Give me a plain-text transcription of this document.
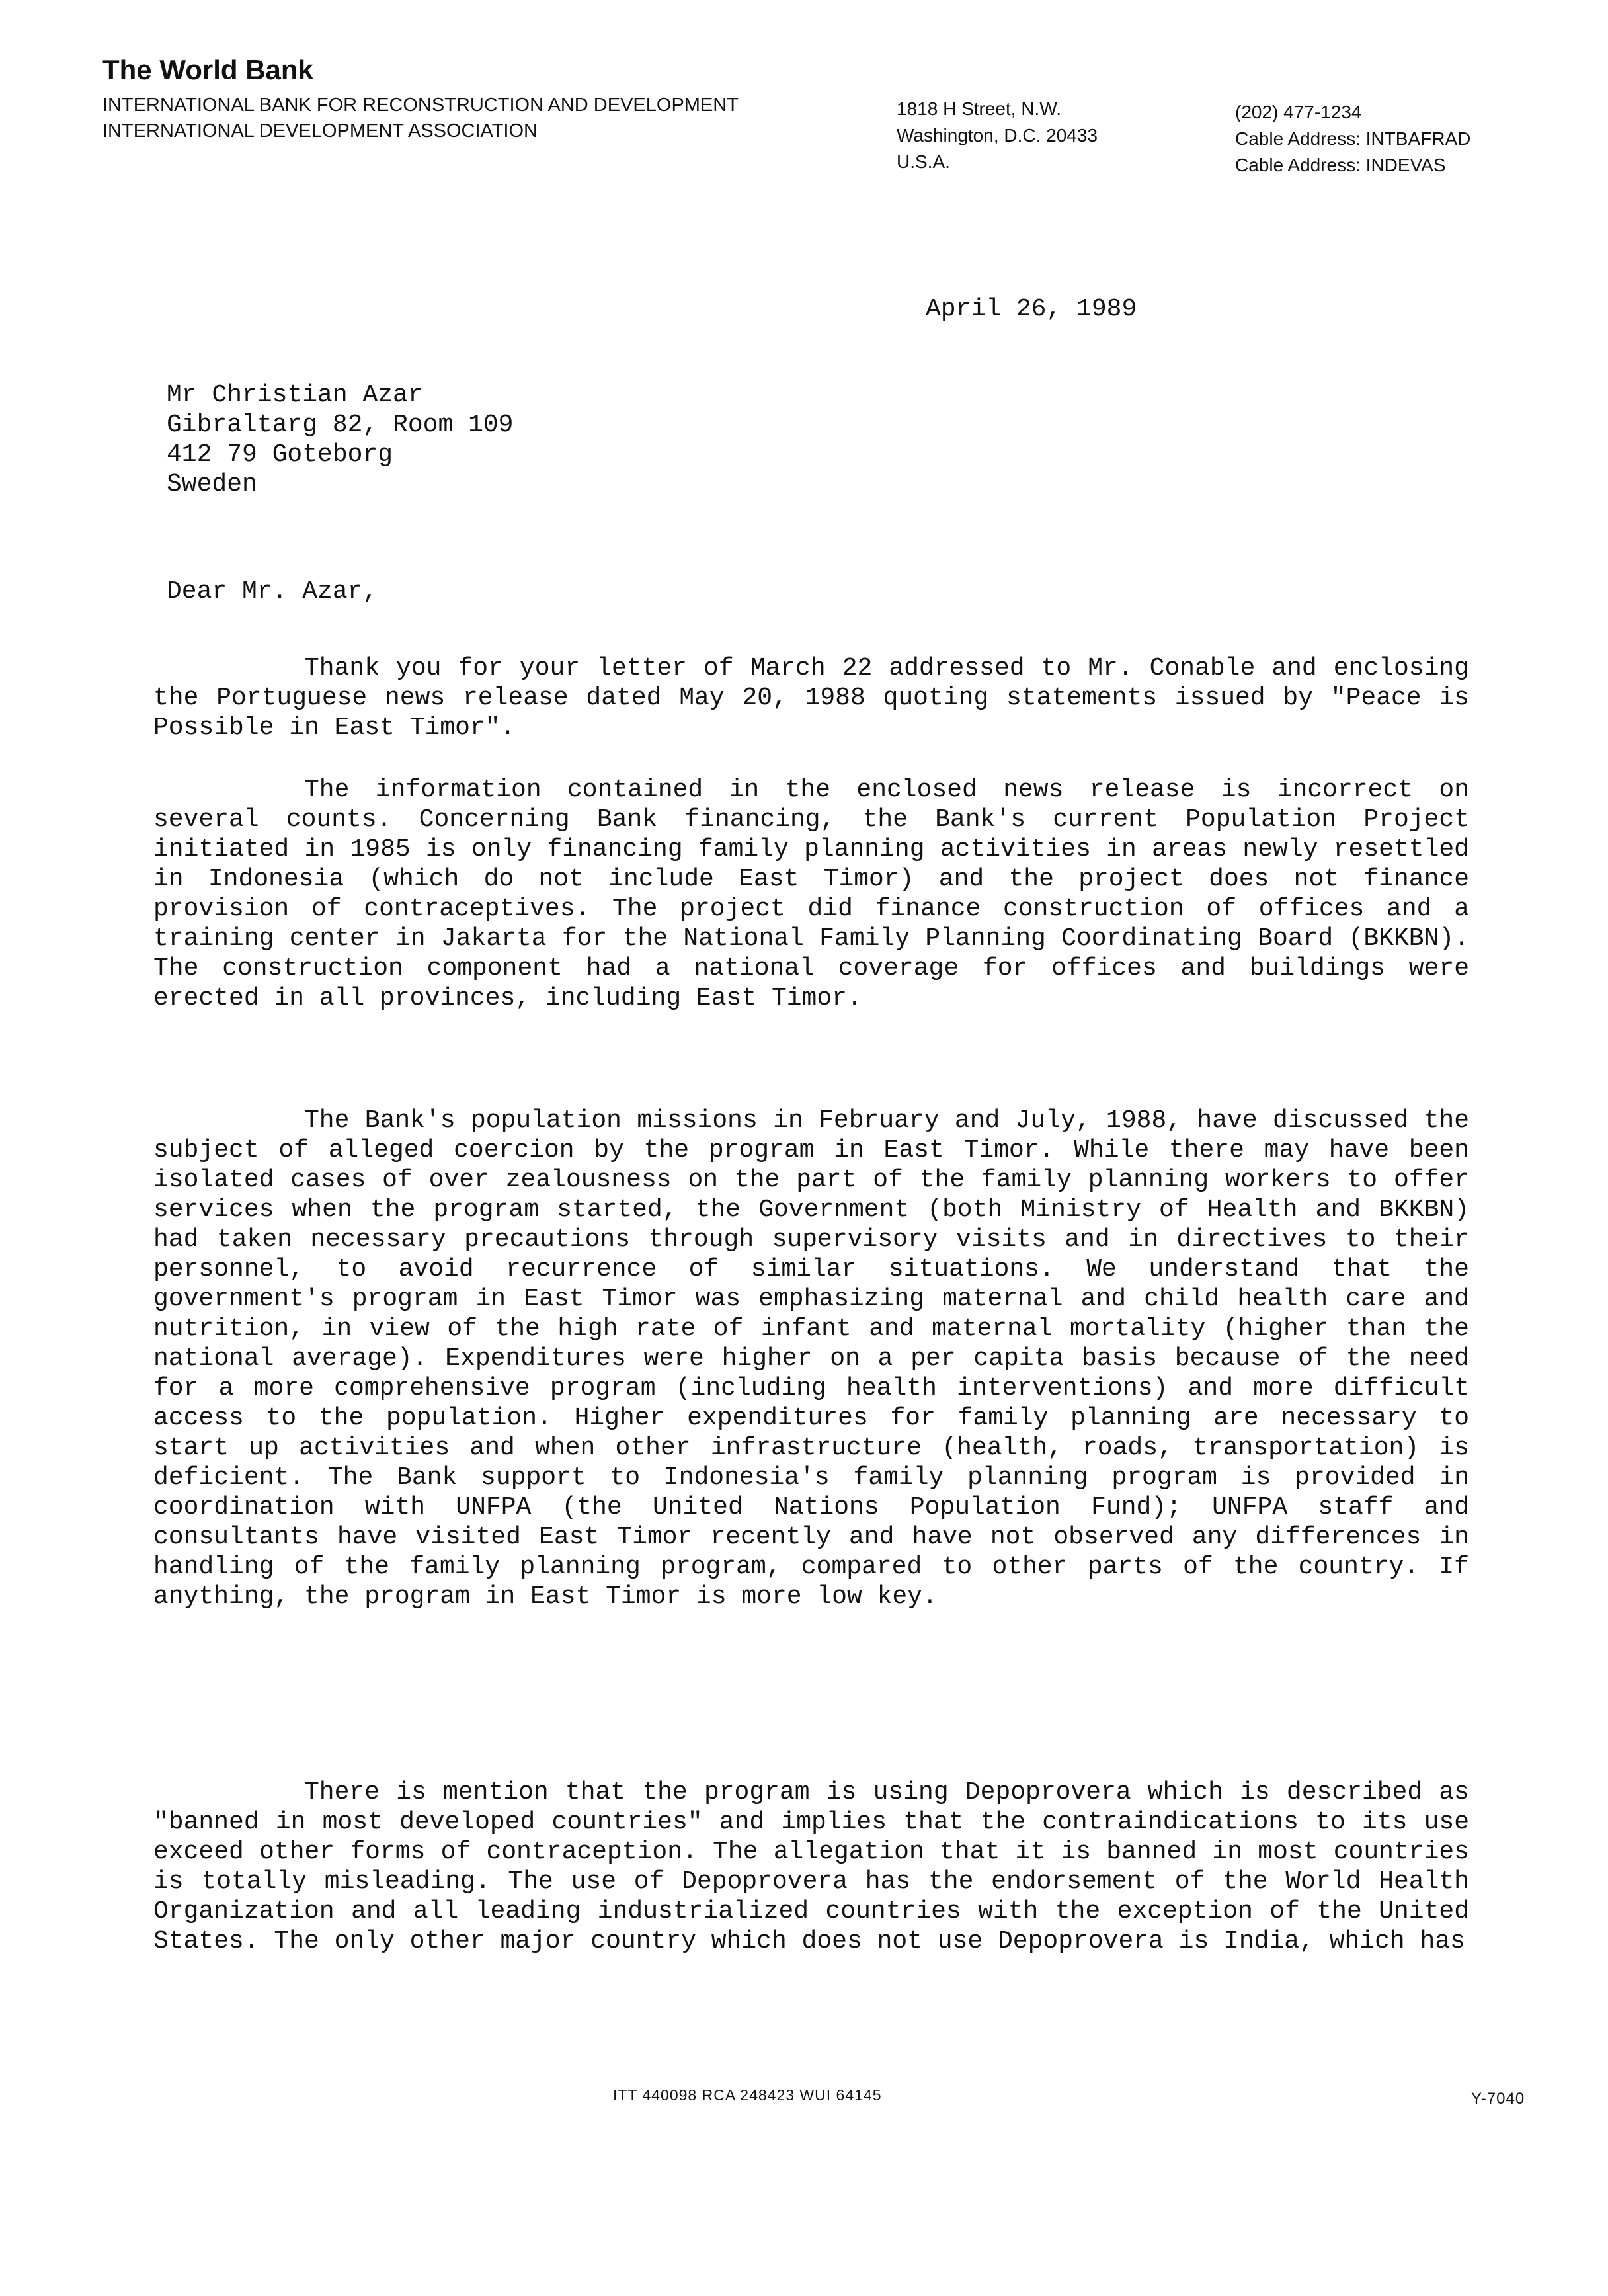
The World Bank
INTERNATIONAL BANK FOR RECONSTRUCTION AND DEVELOPMENT
INTERNATIONAL DEVELOPMENT ASSOCIATION
1818 H Street, N.W.
Washington, D.C. 20433
U.S.A.
(202) 477-1234
Cable Address: INTBAFRAD
Cable Address: INDEVAS
April 26, 1989
Mr Christian Azar
Gibraltarg 82, Room 109
412 79 Goteborg
Sweden
Dear Mr. Azar,

Thank you for your letter of March 22 addressed to Mr. Conable and enclosing the Portuguese news release dated May 20, 1988 quoting statements issued by "Peace is Possible in East Timor".

The information contained in the enclosed news release is incorrect on several counts. Concerning Bank financing, the Bank's current Population Project initiated in 1985 is only financing family planning activities in areas newly resettled in Indonesia (which do not include East Timor) and the project does not finance provision of contraceptives. The project did finance construction of offices and a training center in Jakarta for the National Family Planning Coordinating Board (BKKBN). The construction component had a national coverage for offices and buildings were erected in all provinces, including East Timor.

The Bank's population missions in February and July, 1988, have discussed the subject of alleged coercion by the program in East Timor. While there may have been isolated cases of over zealousness on the part of the family planning workers to offer services when the program started, the Government (both Ministry of Health and BKKBN) had taken necessary precautions through supervisory visits and in directives to their personnel, to avoid recurrence of similar situations. We understand that the government's program in East Timor was emphasizing maternal and child health care and nutrition, in view of the high rate of infant and maternal mortality (higher than the national average). Expenditures were higher on a per capita basis because of the need for a more comprehensive program (including health interventions) and more difficult access to the population. Higher expenditures for family planning are necessary to start up activities and when other infrastructure (health, roads, transportation) is deficient. The Bank support to Indonesia's family planning program is provided in coordination with UNFPA (the United Nations Population Fund); UNFPA staff and consultants have visited East Timor recently and have not observed any differences in handling of the family planning program, compared to other parts of the country. If anything, the program in East Timor is more low key.

There is mention that the program is using Depoprovera which is described as "banned in most developed countries" and implies that the contraindications to its use exceed other forms of contraception. The allegation that it is banned in most countries is totally misleading. The use of Depoprovera has the endorsement of the World Health Organization and all leading industrialized countries with the exception of the United States. The only other major country which does not use Depoprovera is India, which has

ITT 440098 RCA 248423 WUI 64145	Y-7040
